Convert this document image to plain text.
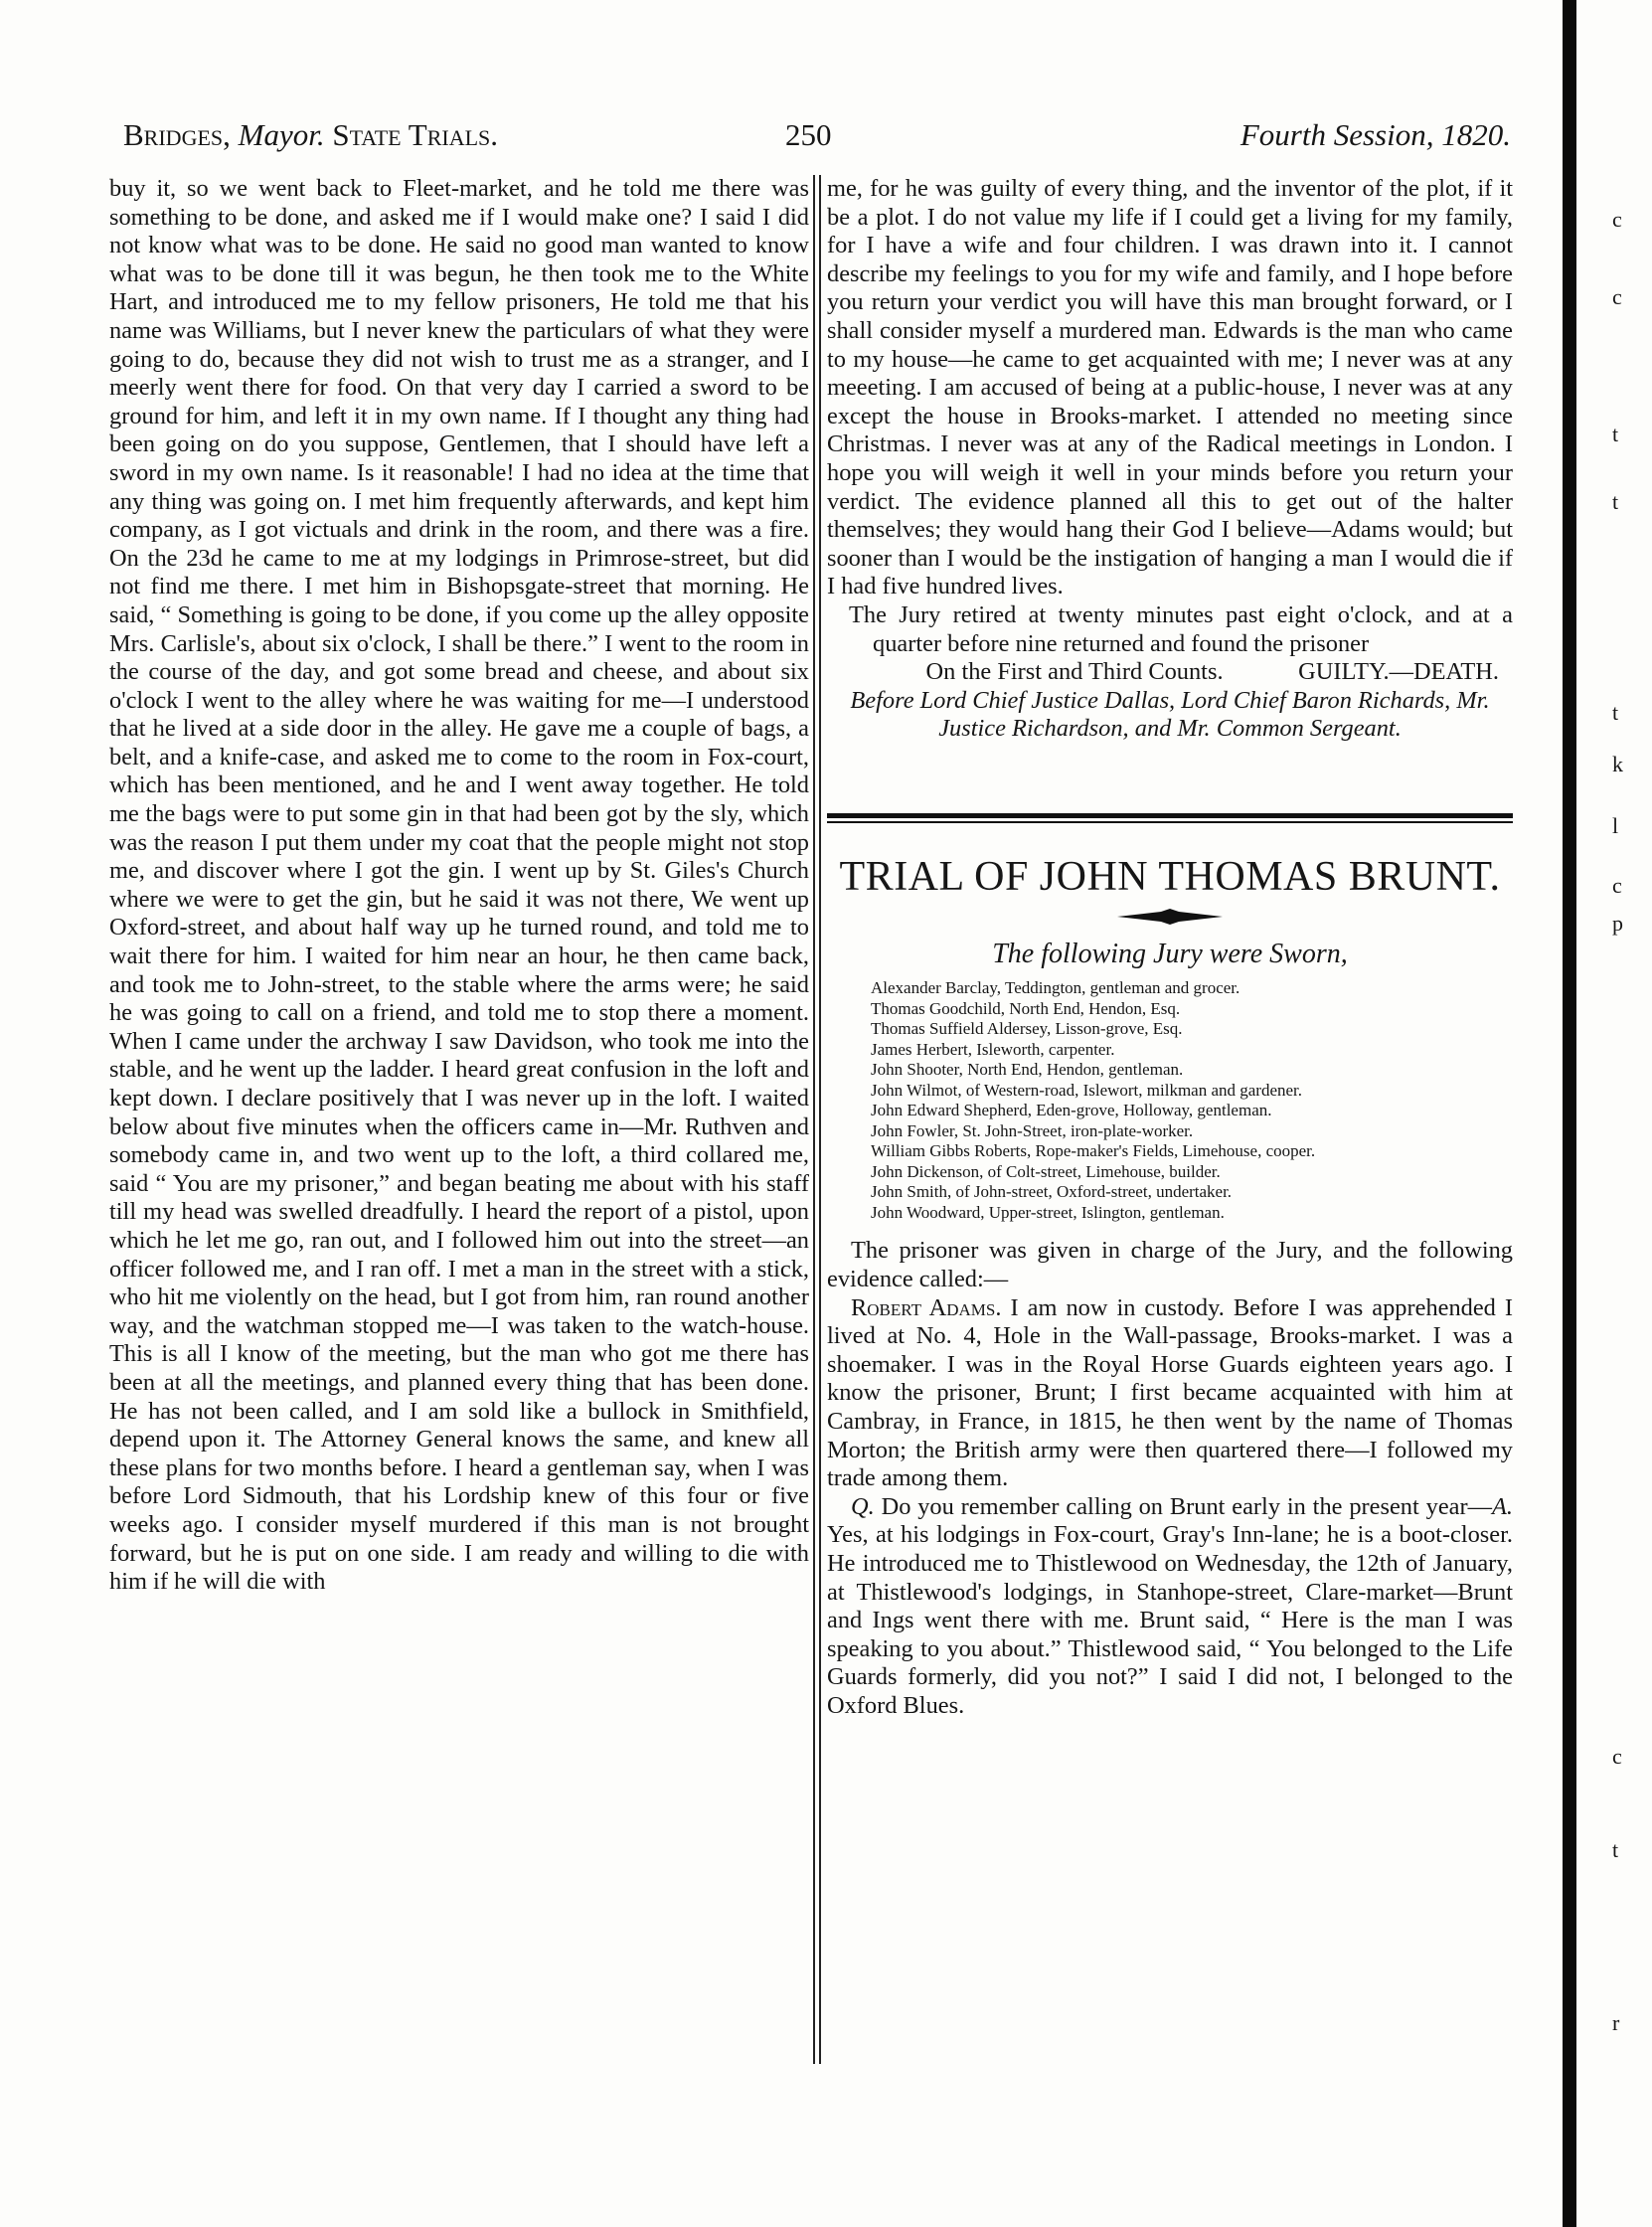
Bridges, Mayor. State Trials.	250	Fourth Session, 1820.

buy it, so we went back to Fleet-market, and he told me there was something to be done, and asked me if I would make one? I said I did not know what was to be done. He said no good man wanted to know what was to be done till it was begun, he then took me to the White Hart, and introduced me to my fellow prisoners, He told me that his name was Williams, but I never knew the particulars of what they were going to do, because they did not wish to trust me as a stranger, and I meerly went there for food. On that very day I carried a sword to be ground for him, and left it in my own name. If I thought any thing had been going on do you suppose, Gentlemen, that I should have left a sword in my own name. Is it reasonable! I had no idea at the time that any thing was going on. I met him frequently afterwards, and kept him company, as I got victuals and drink in the room, and there was a fire. On the 23d he came to me at my lodgings in Primrose-street, but did not find me there. I met him in Bishopsgate-street that morning. He said, “ Something is going to be done, if you come up the alley opposite Mrs. Carlisle's, about six o'clock, I shall be there.” I went to the room in the course of the day, and got some bread and cheese, and about six o'clock I went to the alley where he was waiting for me—I understood that he lived at a side door in the alley. He gave me a couple of bags, a belt, and a knife-case, and asked me to come to the room in Fox-court, which has been mentioned, and he and I went away together. He told me the bags were to put some gin in that had been got by the sly, which was the reason I put them under my coat that the people might not stop me, and discover where I got the gin. I went up by St. Giles's Church where we were to get the gin, but he said it was not there, We went up Oxford-street, and about half way up he turned round, and told me to wait there for him. I waited for him near an hour, he then came back, and took me to John-street, to the stable where the arms were; he said he was going to call on a friend, and told me to stop there a moment. When I came under the archway I saw Davidson, who took me into the stable, and he went up the ladder. I heard great confusion in the loft and kept down. I declare positively that I was never up in the loft. I waited below about five minutes when the officers came in—Mr. Ruthven and somebody came in, and two went up to the loft, a third collared me, said “ You are my prisoner,” and began beating me about with his staff till my head was swelled dreadfully. I heard the report of a pistol, upon which he let me go, ran out, and I followed him out into the street—an officer followed me, and I ran off. I met a man in the street with a stick, who hit me violently on the head, but I got from him, ran round another way, and the watchman stopped me—I was taken to the watch-house. This is all I know of the meeting, but the man who got me there has been at all the meetings, and planned every thing that has been done. He has not been called, and I am sold like a bullock in Smithfield, depend upon it. The Attorney General knows the same, and knew all these plans for two months before. I heard a gentleman say, when I was before Lord Sidmouth, that his Lordship knew of this four or five weeks ago. I consider myself murdered if this man is not brought forward, but he is put on one side. I am ready and willing to die with him if he will die with

me, for he was guilty of every thing, and the inventor of the plot, if it be a plot. I do not value my life if I could get a living for my family, for I have a wife and four children. I was drawn into it. I cannot describe my feelings to you for my wife and family, and I hope before you return your verdict you will have this man brought forward, or I shall consider myself a murdered man. Edwards is the man who came to my house—he came to get acquainted with me; I never was at any meeeting. I am accused of being at a public-house, I never was at any except the house in Brooks-market. I attended no meeting since Christmas. I never was at any of the Radical meetings in London. I hope you will weigh it well in your minds before you return your verdict. The evidence planned all this to get out of the halter themselves; they would hang their God I believe—Adams would; but sooner than I would be the instigation of hanging a man I would die if I had five hundred lives.

The Jury retired at twenty minutes past eight o'clock, and at a quarter before nine returned and found the prisoner
GUILTY.—DEATH.

On the First and Third Counts.

Before Lord Chief Justice Dallas, Lord Chief Baron Richards, Mr. Justice Richardson, and Mr. Common Sergeant.

TRIAL OF JOHN THOMAS BRUNT.
The following Jury were Sworn,
Alexander Barclay, Teddington, gentleman and grocer.
Thomas Goodchild, North End, Hendon, Esq.
Thomas Suffield Aldersey, Lisson-grove, Esq.
James Herbert, Isleworth, carpenter.
John Shooter, North End, Hendon, gentleman.
John Wilmot, of Western-road, Islewort, milkman and gardener.
John Edward Shepherd, Eden-grove, Holloway, gentleman.
John Fowler, St. John-Street, iron-plate-worker.
William Gibbs Roberts, Rope-maker's Fields, Limehouse, cooper.
John Dickenson, of Colt-street, Limehouse, builder.
John Smith, of John-street, Oxford-street, undertaker.
John Woodward, Upper-street, Islington, gentleman.

The prisoner was given in charge of the Jury, and the following evidence called:—

Robert Adams. I am now in custody. Before I was apprehended I lived at No. 4, Hole in the Wall-passage, Brooks-market. I was a shoemaker. I was in the Royal Horse Guards eighteen years ago. I know the prisoner, Brunt; I first became acquainted with him at Cambray, in France, in 1815, he then went by the name of Thomas Morton; the British army were then quartered there—I followed my trade among them.

Q. Do you remember calling on Brunt early in the present year—A. Yes, at his lodgings in Fox-court, Gray's Inn-lane; he is a boot-closer. He introduced me to Thistlewood on Wednesday, the 12th of January, at Thistlewood's lodgings, in Stanhope-street, Clare-market—Brunt and Ings went there with me. Brunt said, “ Here is the man I was speaking to you about.” Thistlewood said, “ You belonged to the Life Guards formerly, did you not?” I said I did not, I belonged to the Oxford Blues.

c
c
t
t
t
k
l
c
p
c
t
r
